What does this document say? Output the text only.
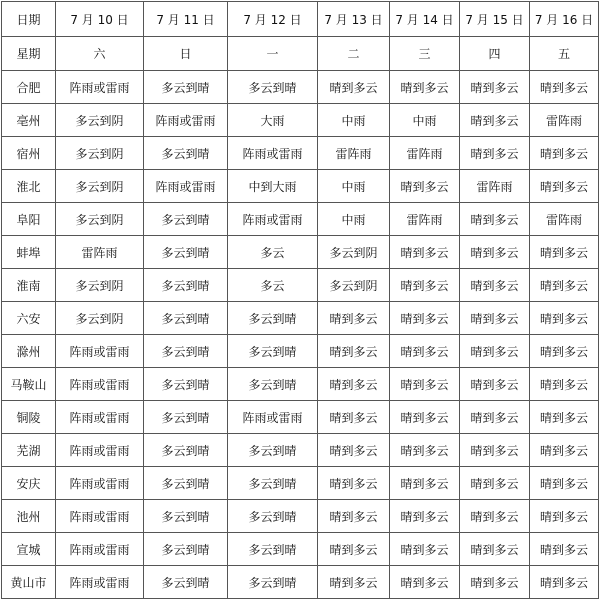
日期	7 月 10 日	7 月 11 日	7 月 12 日	7 月 13 日	7 月 14 日	7 月 15 日	7 月 16 日
星期	六	日	一	二	三	四	五
合肥	阵雨或雷雨	多云到晴	多云到晴	晴到多云	晴到多云	晴到多云	晴到多云
亳州	多云到阴	阵雨或雷雨	大雨	中雨	中雨	晴到多云	雷阵雨
宿州	多云到阴	多云到晴	阵雨或雷雨	雷阵雨	雷阵雨	晴到多云	晴到多云
淮北	多云到阴	阵雨或雷雨	中到大雨	中雨	晴到多云	雷阵雨	晴到多云
阜阳	多云到阴	多云到晴	阵雨或雷雨	中雨	雷阵雨	晴到多云	雷阵雨
蚌埠	雷阵雨	多云到晴	多云	多云到阴	晴到多云	晴到多云	晴到多云
淮南	多云到阴	多云到晴	多云	多云到阴	晴到多云	晴到多云	晴到多云
六安	多云到阴	多云到晴	多云到晴	晴到多云	晴到多云	晴到多云	晴到多云
滁州	阵雨或雷雨	多云到晴	多云到晴	晴到多云	晴到多云	晴到多云	晴到多云
马鞍山	阵雨或雷雨	多云到晴	多云到晴	晴到多云	晴到多云	晴到多云	晴到多云
铜陵	阵雨或雷雨	多云到晴	阵雨或雷雨	晴到多云	晴到多云	晴到多云	晴到多云
芜湖	阵雨或雷雨	多云到晴	多云到晴	晴到多云	晴到多云	晴到多云	晴到多云
安庆	阵雨或雷雨	多云到晴	多云到晴	晴到多云	晴到多云	晴到多云	晴到多云
池州	阵雨或雷雨	多云到晴	多云到晴	晴到多云	晴到多云	晴到多云	晴到多云
宣城	阵雨或雷雨	多云到晴	多云到晴	晴到多云	晴到多云	晴到多云	晴到多云
黄山市	阵雨或雷雨	多云到晴	多云到晴	晴到多云	晴到多云	晴到多云	晴到多云
